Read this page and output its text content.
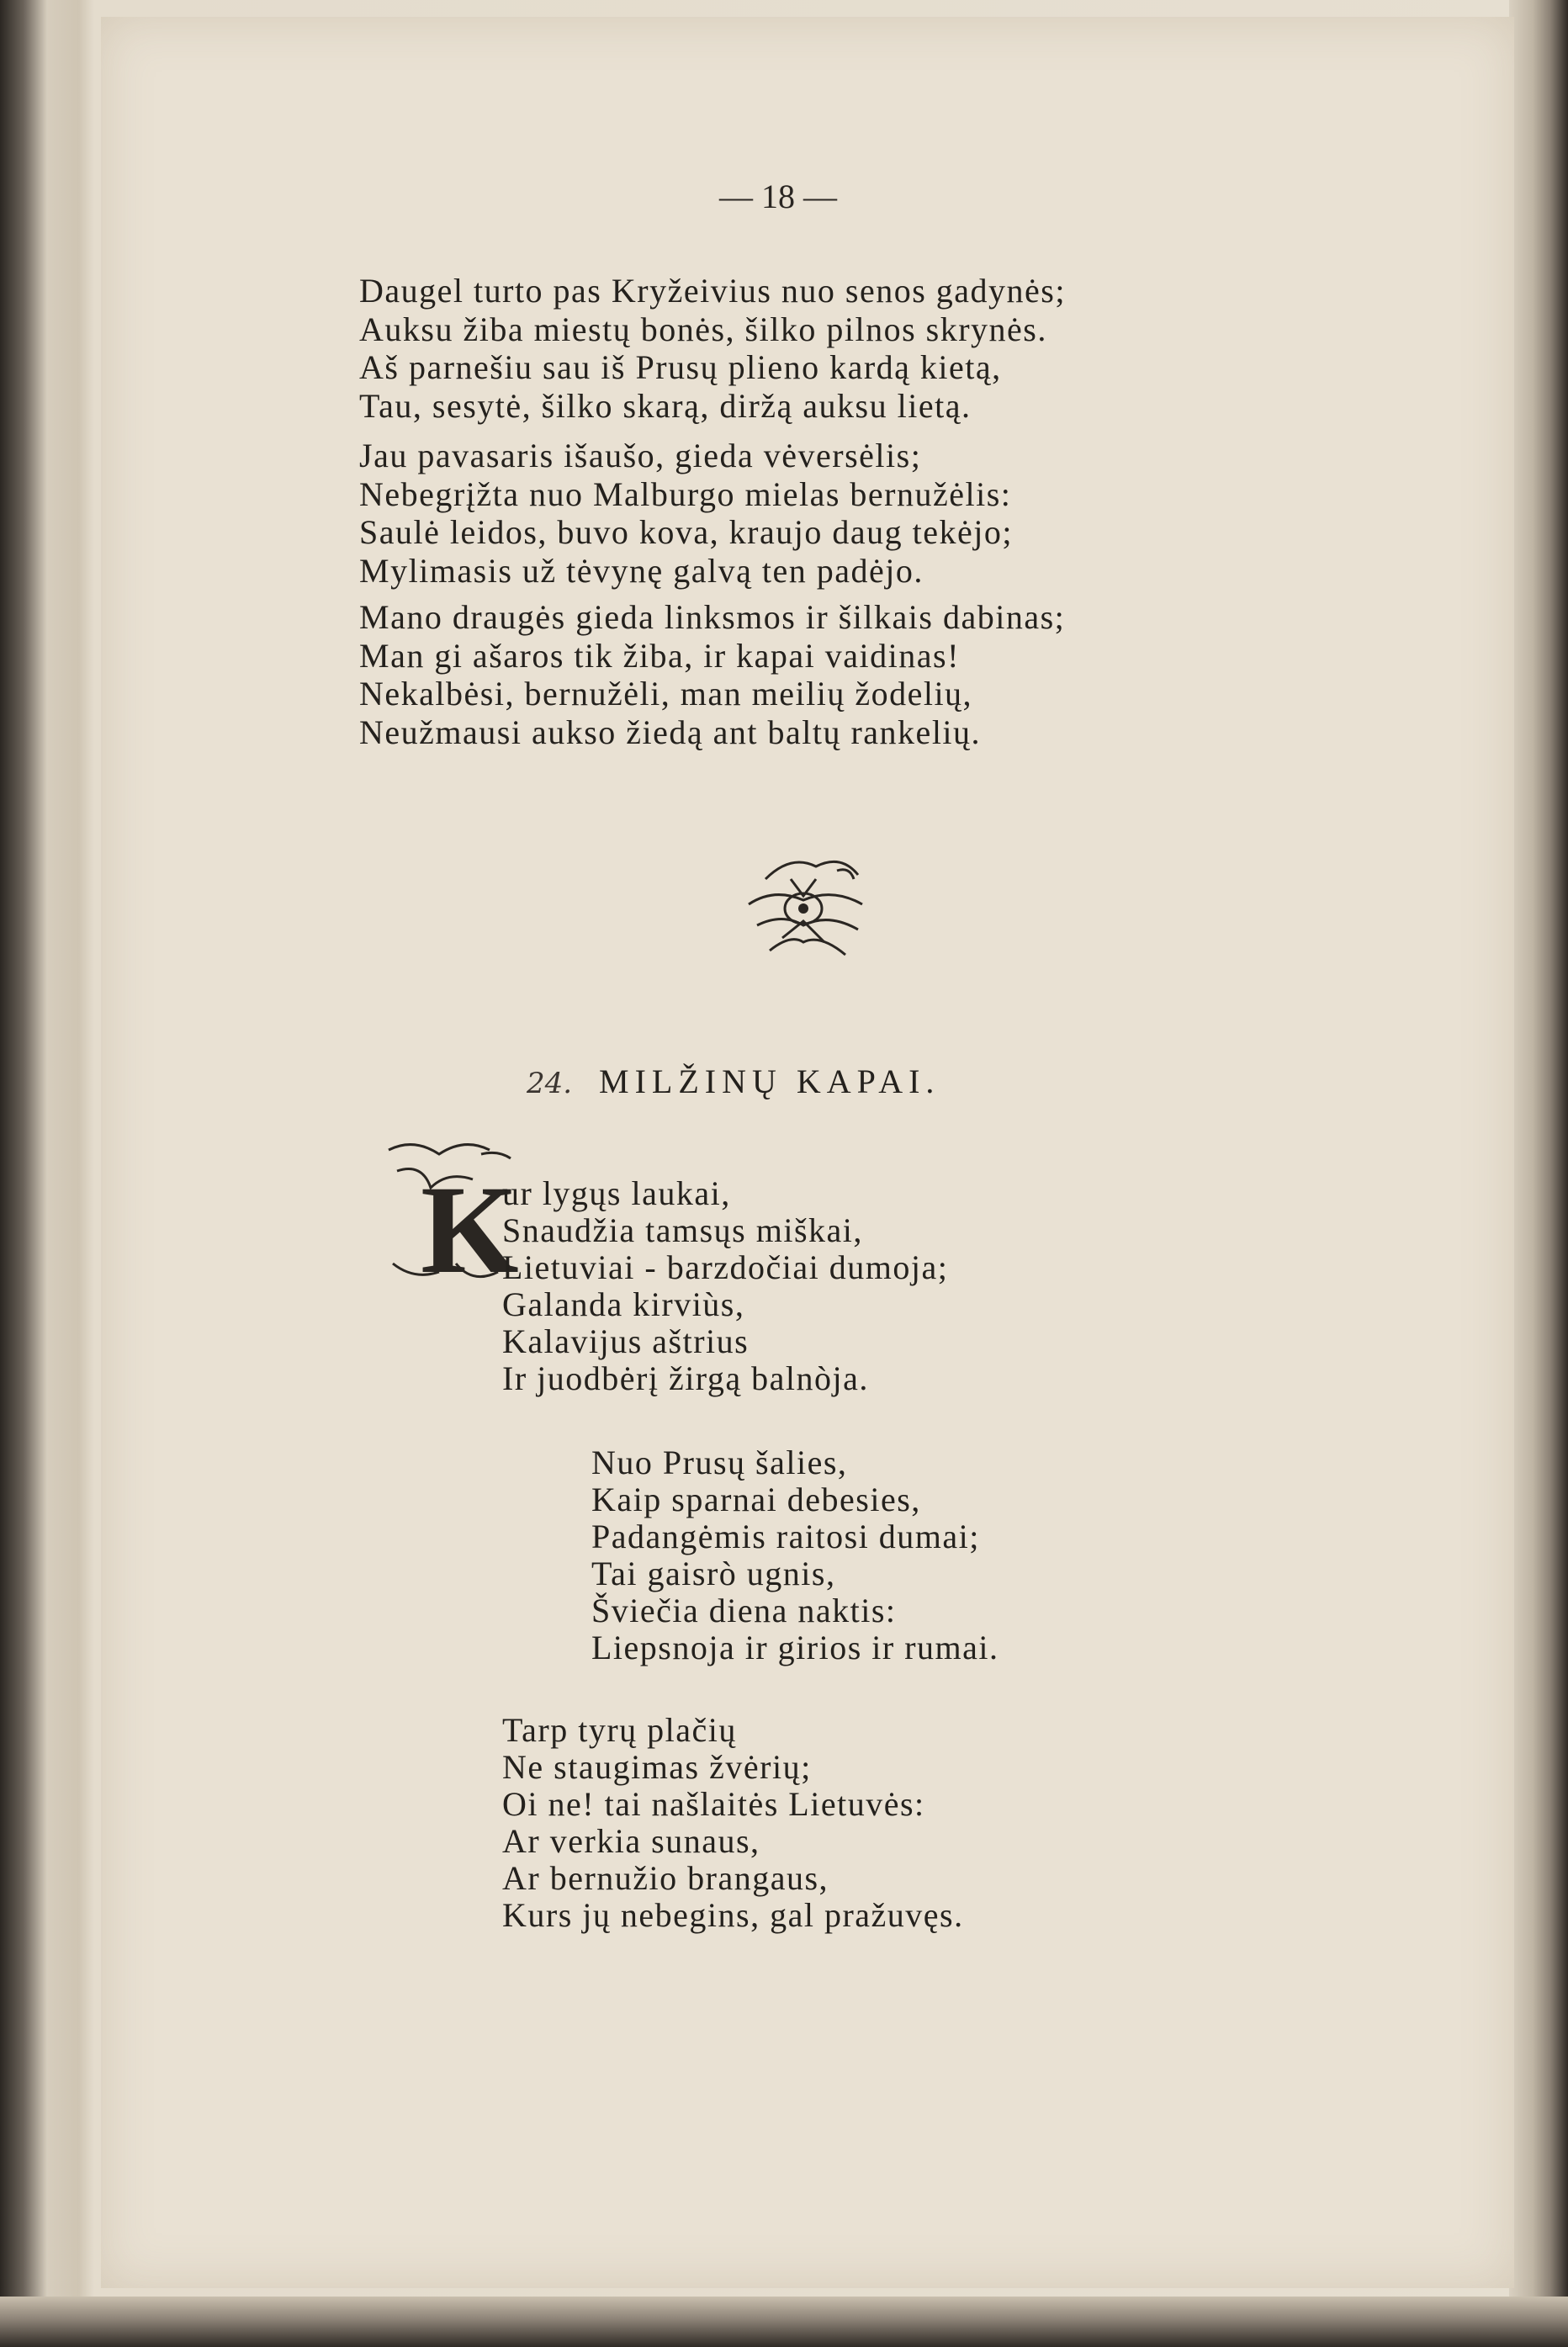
— 18 —
Daugel turto pas Kryžeivius nuo senos gadynės;
Auksu žiba miestų bonės, šilko pilnos skrynės.
Aš parnešiu sau iš Prusų plieno kardą kietą,
Tau, sesytė, šilko skarą, diržą auksu lietą.
Jau pavasaris išaušo, gieda vėversėlis;
Nebegrįžta nuo Malburgo mielas bernužėlis:
Saulė leidos, buvo kova, kraujo daug tekėjo;
Mylimasis už tėvynę galvą ten padėjo.
Mano draugės gieda linksmos ir šilkais dabinas;
Man gi ašaros tik žiba, ir kapai vaidinas!
Nekalbėsi, bernužėli, man meilių žodelių,
Neužmausi aukso žiedą ant baltų rankelių.
24. MILŽINŲ KAPAI.
K
ur lygųs laukai,
Snaudžia tamsųs miškai,
Lietuviai - barzdočiai dumoja;
Galanda kirviùs,
Kalavijus aštrius
Ir juodbėrį žirgą balnòja.
Nuo Prusų šalies,
Kaip sparnai debesies,
Padangėmis raitosi dumai;
Tai gaisrò ugnis,
Šviečia diena naktis:
Liepsnoja ir girios ir rumai.
Tarp tyrų plačių
Ne staugimas žvėrių;
Oi ne! tai našlaitės Lietuvės:
Ar verkia sunaus,
Ar bernužio brangaus,
Kurs jų nebegins, gal pražuvęs.
